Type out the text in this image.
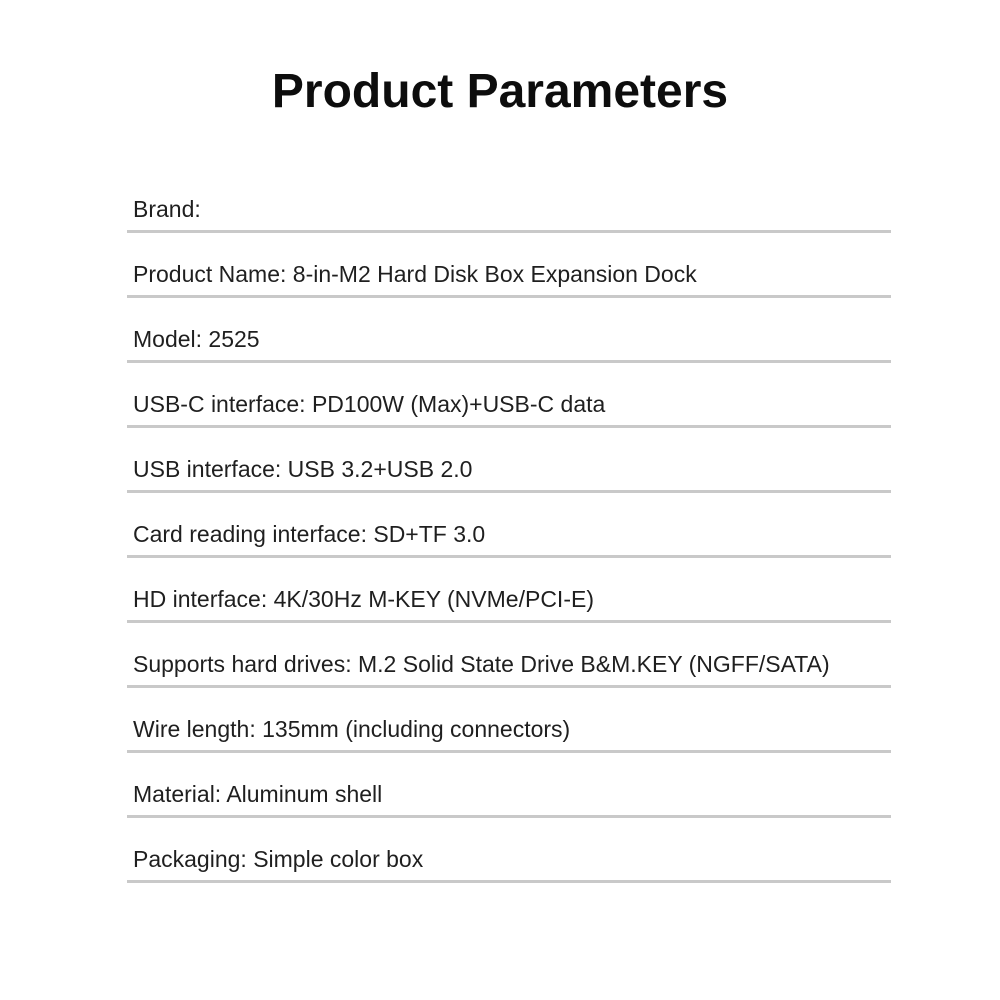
Product Parameters
Brand:
Product Name: 8-in-M2 Hard Disk Box Expansion Dock
Model: 2525
USB-C interface: PD100W (Max)+USB-C data
USB interface: USB 3.2+USB 2.0
Card reading interface: SD+TF 3.0
HD interface: 4K/30Hz M-KEY (NVMe/PCI-E)
Supports hard drives: M.2 Solid State Drive B&M.KEY (NGFF/SATA)
Wire length: 135mm (including connectors)
Material: Aluminum shell
Packaging: Simple color box
